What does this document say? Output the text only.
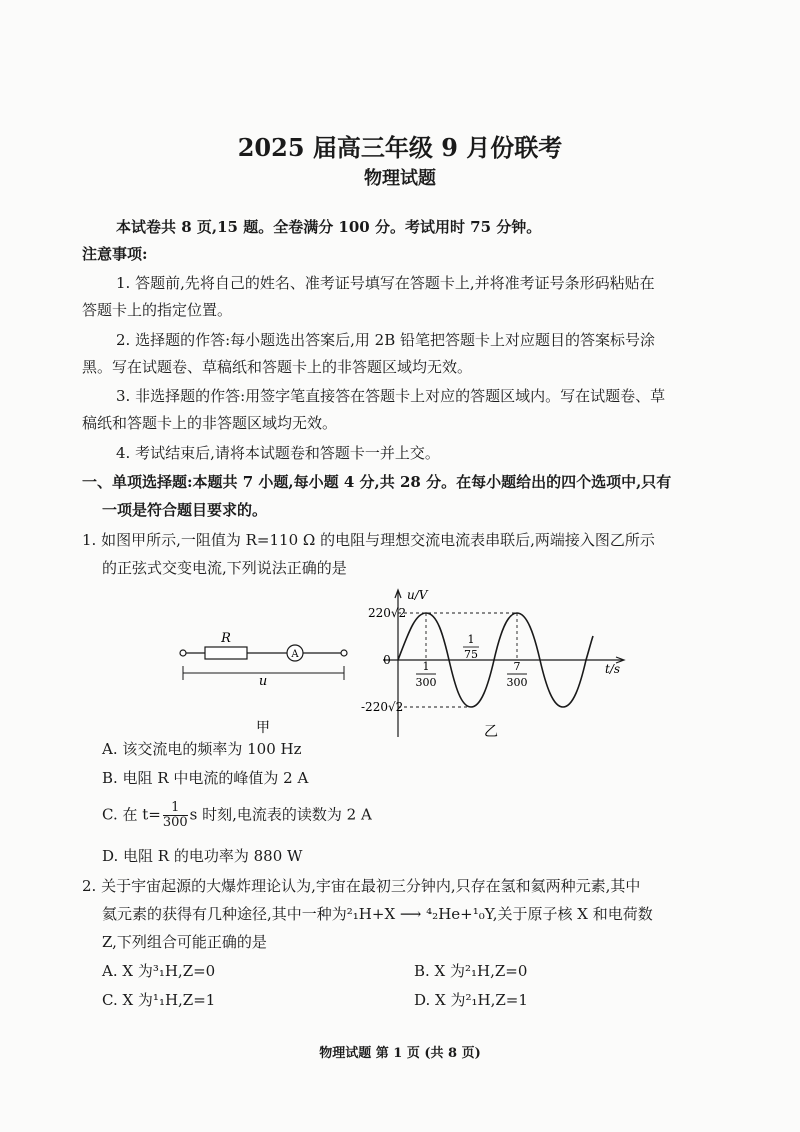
2025 届高三年级 9 月份联考
物理试题
本试卷共 8 页,15 题。全卷满分 100 分。考试用时 75 分钟。
注意事项:
1. 答题前,先将自己的姓名、准考证号填写在答题卡上,并将准考证号条形码粘贴在
答题卡上的指定位置。
2. 选择题的作答:每小题选出答案后,用 2B 铅笔把答题卡上对应题目的答案标号涂
黑。写在试题卷、草稿纸和答题卡上的非答题区域均无效。
3. 非选择题的作答:用签字笔直接答在答题卡上对应的答题区域内。写在试题卷、草
稿纸和答题卡上的非答题区域均无效。
4. 考试结束后,请将本试题卷和答题卡一并上交。
一、单项选择题:本题共 7 小题,每小题 4 分,共 28 分。在每小题给出的四个选项中,只有
一项是符合题目要求的。
1. 如图甲所示,一阻值为 R=110 Ω 的电阻与理想交流电流表串联后,两端接入图乙所示
的正弦式交变电流,下列说法正确的是
A
R
u
甲
u/V
t/s
220√2
0
-220√2
1
300
1
75
7
300
乙
A. 该交流电的频率为 100 Hz
B. 电阻 R 中电流的峰值为 2 A
C. 在 $t= \frac{1}{300}$ s 时刻,电流表的读数为 2 A
D. 电阻 R 的电功率为 880 W
2. 关于宇宙起源的大爆炸理论认为,宇宙在最初三分钟内,只存在氢和氦两种元素,其中
氦元素的获得有几种途径,其中一种为²₁H+X ⟶ ⁴₂He+¹₀Y,关于原子核 X 和电荷数
Z,下列组合可能正确的是
A. X 为³₁H,Z=0	B. X 为²₁H,Z=0
C. X 为¹₁H,Z=1	D. X 为²₁H,Z=1
物理试题 第 1 页 (共 8 页)
